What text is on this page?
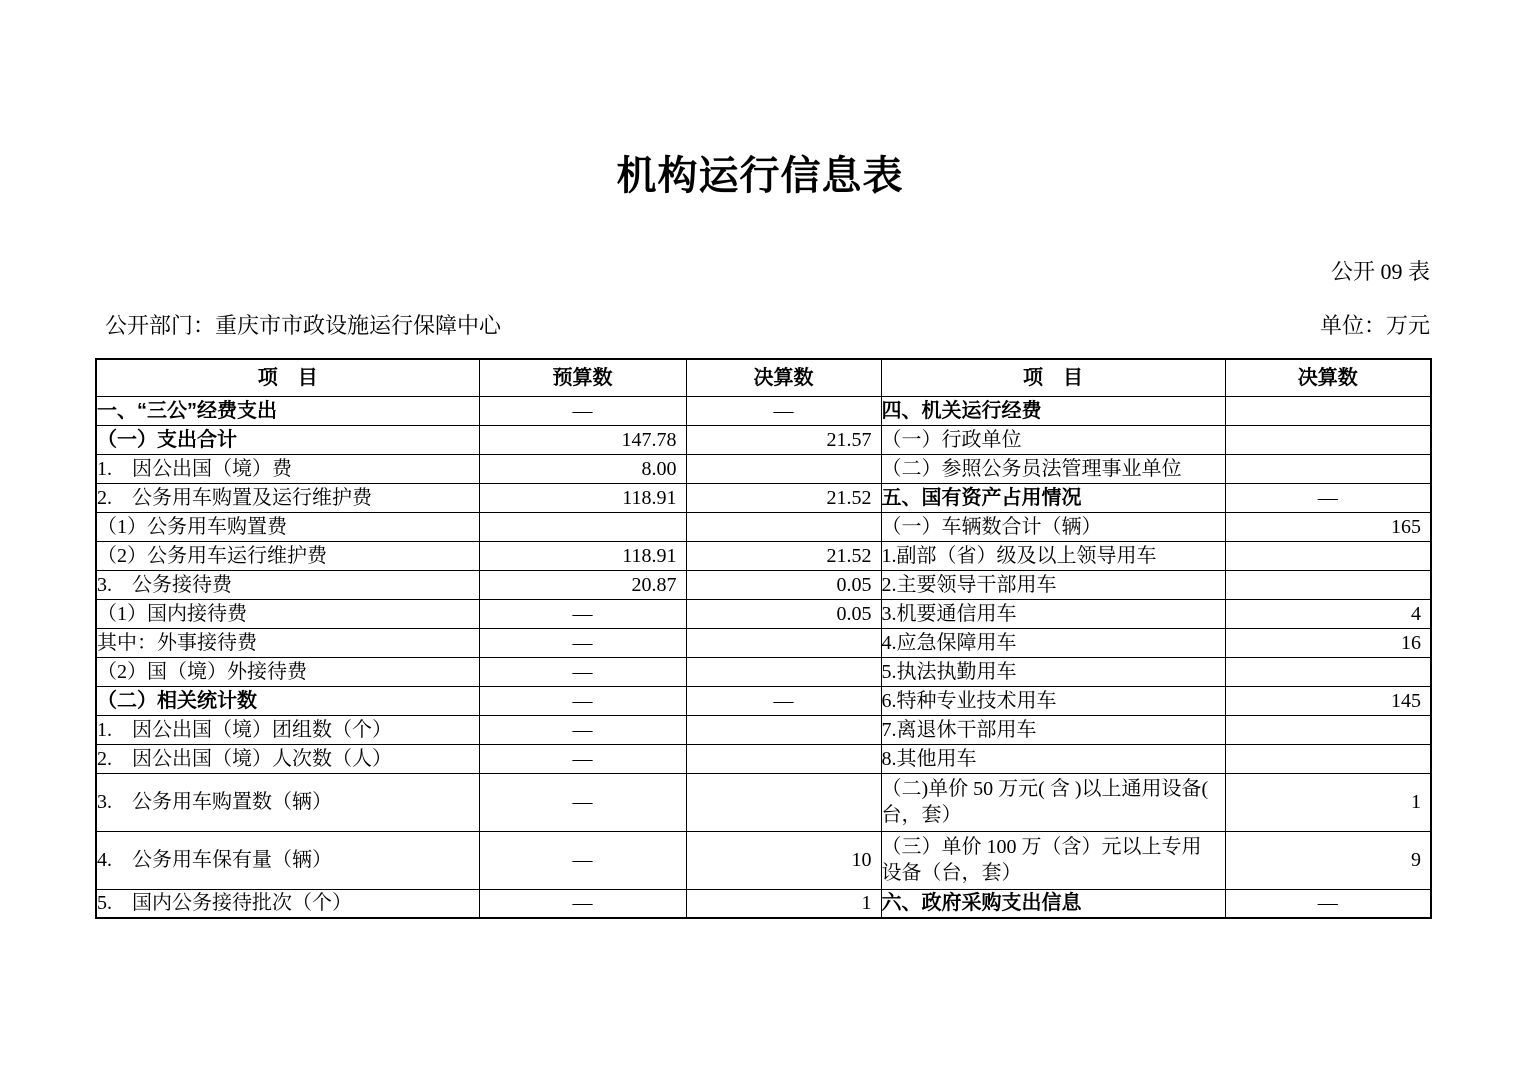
机构运行信息表
公开 09 表
公开部门：重庆市市政设施运行保障中心	单位：万元
项　目	预算数	决算数	项　目	决算数
一、“三公”经费支出	—	—	四、机关运行经费	
（一）支出合计	147.78	21.57	（一）行政单位	
1.　因公出国（境）费	8.00		（二）参照公务员法管理事业单位	
2.　公务用车购置及运行维护费	118.91	21.52	五、国有资产占用情况	—
（1）公务用车购置费			（一）车辆数合计（辆）	165
（2）公务用车运行维护费	118.91	21.52	1.副部（省）级及以上领导用车	
3.　公务接待费	20.87	0.05	2.主要领导干部用车	
（1）国内接待费	—	0.05	3.机要通信用车	4
其中：外事接待费	—		4.应急保障用车	16
（2）国（境）外接待费	—		5.执法执勤用车	
（二）相关统计数	—	—	6.特种专业技术用车	145
1.　因公出国（境）团组数（个）	—		7.离退休干部用车	
2.　因公出国（境）人次数（人）	—		8.其他用车	
3.　公务用车购置数（辆）	—		（二)单价 50 万元( 含 )以上通用设备( 台，套）	1
4.　公务用车保有量（辆）	—	10	（三）单价 100 万（含）元以上专用设备（台，套）	9
5.　国内公务接待批次（个）	—	1	六、政府采购支出信息	—
